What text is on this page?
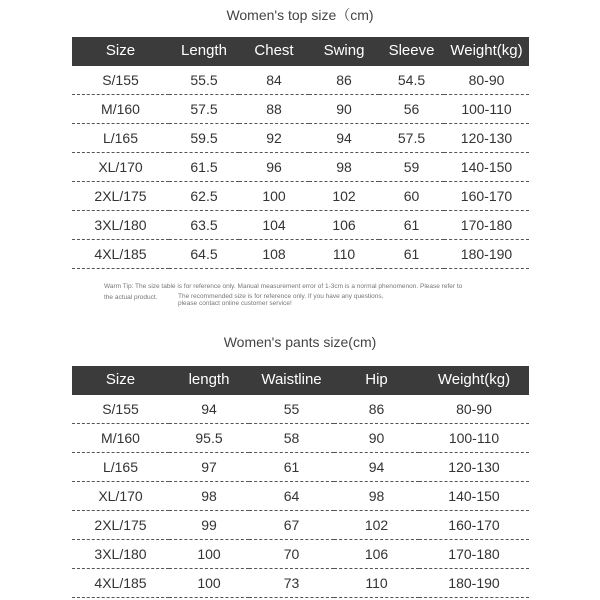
Women's top size（cm)
Size	Length	Chest	Swing	Sleeve	Weight(kg)
S/155	55.5	84	86	54.5	80-90
M/160	57.5	88	90	56	100-110
L/165	59.5	92	94	57.5	120-130
XL/170	61.5	96	98	59	140-150
2XL/175	62.5	100	102	60	160-170
3XL/180	63.5	104	106	61	170-180
4XL/185	64.5	108	110	61	180-190
Warm Tip: The size table is for reference only. Manual measurement error of 1-3cm is a normal phenomenon. Please refer to
the actual product.	The recommended size is for reference only. If you have any questions,
please contact online customer service!
Women's pants size(cm)
Size	length	Waistline	Hip	Weight(kg)
S/155	94	55	86	80-90
M/160	95.5	58	90	100-110
L/165	97	61	94	120-130
XL/170	98	64	98	140-150
2XL/175	99	67	102	160-170
3XL/180	100	70	106	170-180
4XL/185	100	73	110	180-190
